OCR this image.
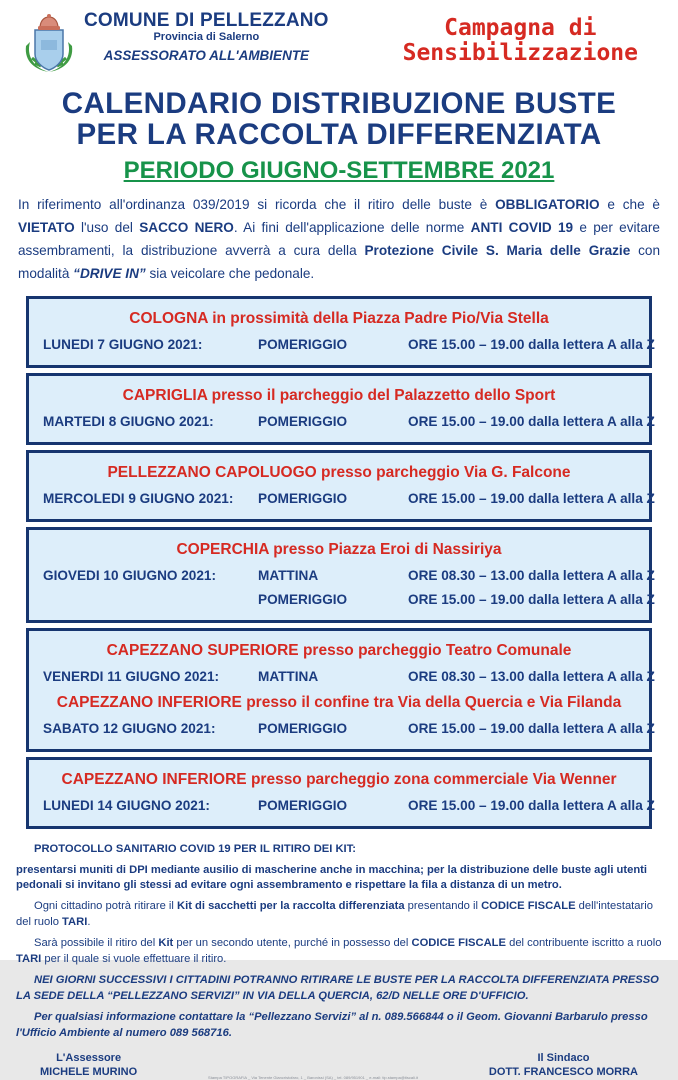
COMUNE DI PELLEZZANO
Provincia di Salerno
ASSESSORATO ALL'AMBIENTE
Campagna di
Sensibilizzazione
CALENDARIO DISTRIBUZIONE BUSTE
PER LA RACCOLTA DIFFERENZIATA
PERIODO GIUGNO-SETTEMBRE 2021
In riferimento all'ordinanza 039/2019 si ricorda che il ritiro delle buste è OBBLIGATORIO e che è VIETATO l'uso del SACCO NERO. Ai fini dell'applicazione delle norme ANTI COVID 19 e per evitare assembramenti, la distribuzione avverrà a cura della Protezione Civile S. Maria delle Grazie con modalità “DRIVE IN” sia veicolare che pedonale.
COLOGNA in prossimità della Piazza Padre Pio/Via Stella
LUNEDI 7 GIUGNO 2021:	POMERIGGIO	ORE 15.00 – 19.00 dalla lettera A alla Z
CAPRIGLIA presso il parcheggio del Palazzetto dello Sport
MARTEDI 8 GIUGNO 2021:	POMERIGGIO	ORE 15.00 – 19.00 dalla lettera A alla Z
PELLEZZANO CAPOLUOGO presso parcheggio Via G. Falcone
MERCOLEDI 9 GIUGNO 2021:	POMERIGGIO	ORE 15.00 – 19.00 dalla lettera A alla Z
COPERCHIA presso Piazza Eroi di Nassiriya
GIOVEDI 10 GIUGNO 2021:	MATTINA	ORE 08.30 – 13.00 dalla lettera A alla Z
POMERIGGIO	ORE 15.00 – 19.00 dalla lettera A alla Z
CAPEZZANO SUPERIORE presso parcheggio Teatro Comunale
VENERDI 11 GIUGNO 2021:	MATTINA	ORE 08.30 – 13.00 dalla lettera A alla Z
CAPEZZANO INFERIORE presso il confine tra Via della Quercia e Via Filanda
SABATO 12 GIUGNO 2021:	POMERIGGIO	ORE 15.00 – 19.00 dalla lettera A alla Z
CAPEZZANO INFERIORE presso parcheggio zona commerciale Via Wenner
LUNEDI 14 GIUGNO 2021:	POMERIGGIO	ORE 15.00 – 19.00 dalla lettera A alla Z

PROTOCOLLO SANITARIO COVID 19 PER IL RITIRO DEI KIT:

presentarsi muniti di DPI mediante ausilio di mascherine anche in macchina; per la distribuzione delle buste agli utenti pedonali si invitano gli stessi ad evitare ogni assembramento e rispettare la fila a distanza di un metro.

Ogni cittadino potrà ritirare il Kit di sacchetti per la raccolta differenziata presentando il CODICE FISCALE dell'intestatario del ruolo TARI.

Sarà possibile il ritiro del Kit per un secondo utente, purché in possesso del CODICE FISCALE del contribuente iscritto a ruolo TARI per il quale si vuole effettuare il ritiro.

NEI GIORNI SUCCESSIVI I CITTADINI POTRANNO RITIRARE LE BUSTE PER LA RACCOLTA DIFFERENZIATA PRESSO LA SEDE DELLA “PELLEZZANO SERVIZI” IN VIA DELLA QUERCIA, 62/D NELLE ORE D'UFFICIO.

Per qualsiasi informazione contattare la “Pellezzano Servizi” al n. 089.566844 o il Geom. Giovanni Barbarulo presso l'Ufficio Ambiente al numero 089 568716.

L'Assessore
MICHELE MURINO	Stampa TIPOGRAFIA _ Via Tenente Giancristofaro, 1 _ Baronissi (SA) _ tel. 089/951901 _ e-mail: tip.stampa@tiscali.it
Il Sindaco
DOTT. FRANCESCO MORRA
